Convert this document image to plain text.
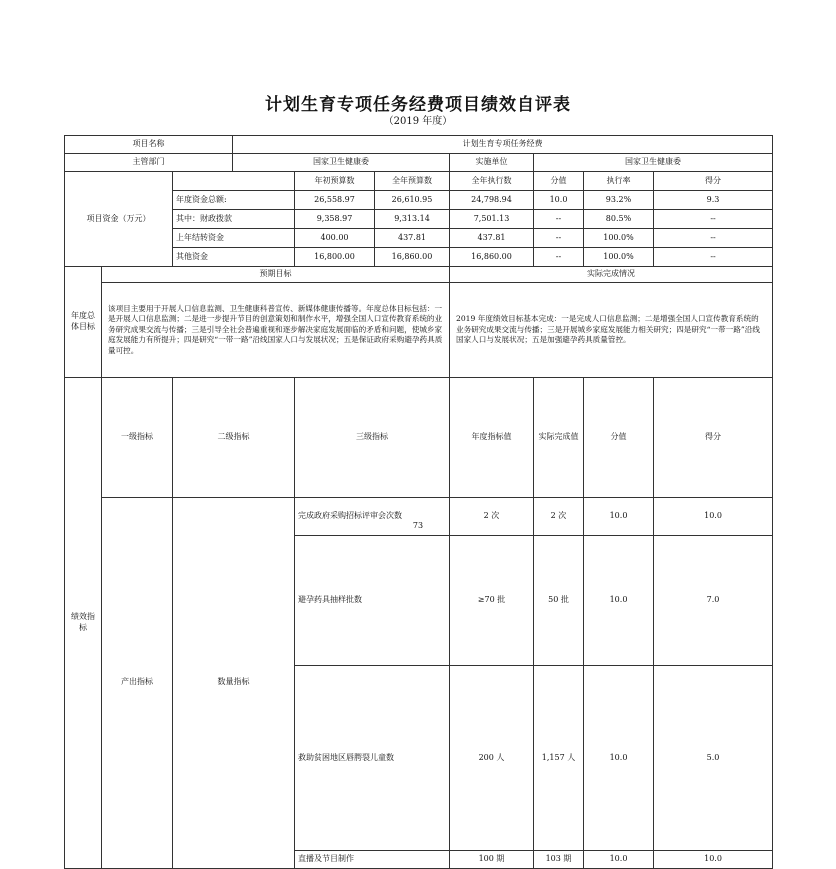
计划生育专项任务经费项目绩效自评表
（2019 年度）
项目名称			计划生育专项任务经费							
主管部门			国家卫生健康委			实施单位	国家卫生健康委			
项目资金（万元）				年初预算数	全年预算数	全年执行数	分值	执行率	得分	
		年度资金总额:		26,558.97	26,610.95	24,798.94	10.0	93.2%	9.3	
		其中：财政拨款		9,358.97	9,313.14	7,501.13	--	80.5%	--	
		上年结转资金		400.00	437.81	437.81	--	100.0%	--	
		其他资金		16,800.00	16,860.00	16,860.00	--	100.0%	--	
年度总体目标	预期目标					实际完成情况				
	该项目主要用于开展人口信息监测、卫生健康科普宣传、新媒体健康传播等。年度总体目标包括：一是开展人口信息监测；二是进一步提升节目的创意策划和制作水平，增强全国人口宣传教育系统的业务研究成果交流与传播；三是引导全社会普遍重视和逐步解决家庭发展面临的矛盾和问题，使城乡家庭发展能力有所提升；四是研究“一带一路”沿线国家人口与发展状况；五是保证政府采购避孕药具质量可控。					2019 年度绩效目标基本完成：一是完成人口信息监测；二是增强全国人口宣传教育系统的业务研究成果交流与传播；三是开展城乡家庭发展能力相关研究；四是研究“一带一路”沿线国家人口与发展状况；五是加强避孕药具质量管控。				
绩效指标	一级指标	二级指标		三级指标		年度指标值	实际完成值	分值	得分	
	产出指标	数量指标		完成政府采购招标评审会次数		2 次	2 次	10.0	10.0	
				避孕药具抽样批数		≥70 批	50 批	10.0	7.0	
				救助贫困地区唇腭裂儿童数		200 人	1,157 人	10.0	5.0	
				直播及节目制作		100 期	103 期	10.0	10.0	
73
